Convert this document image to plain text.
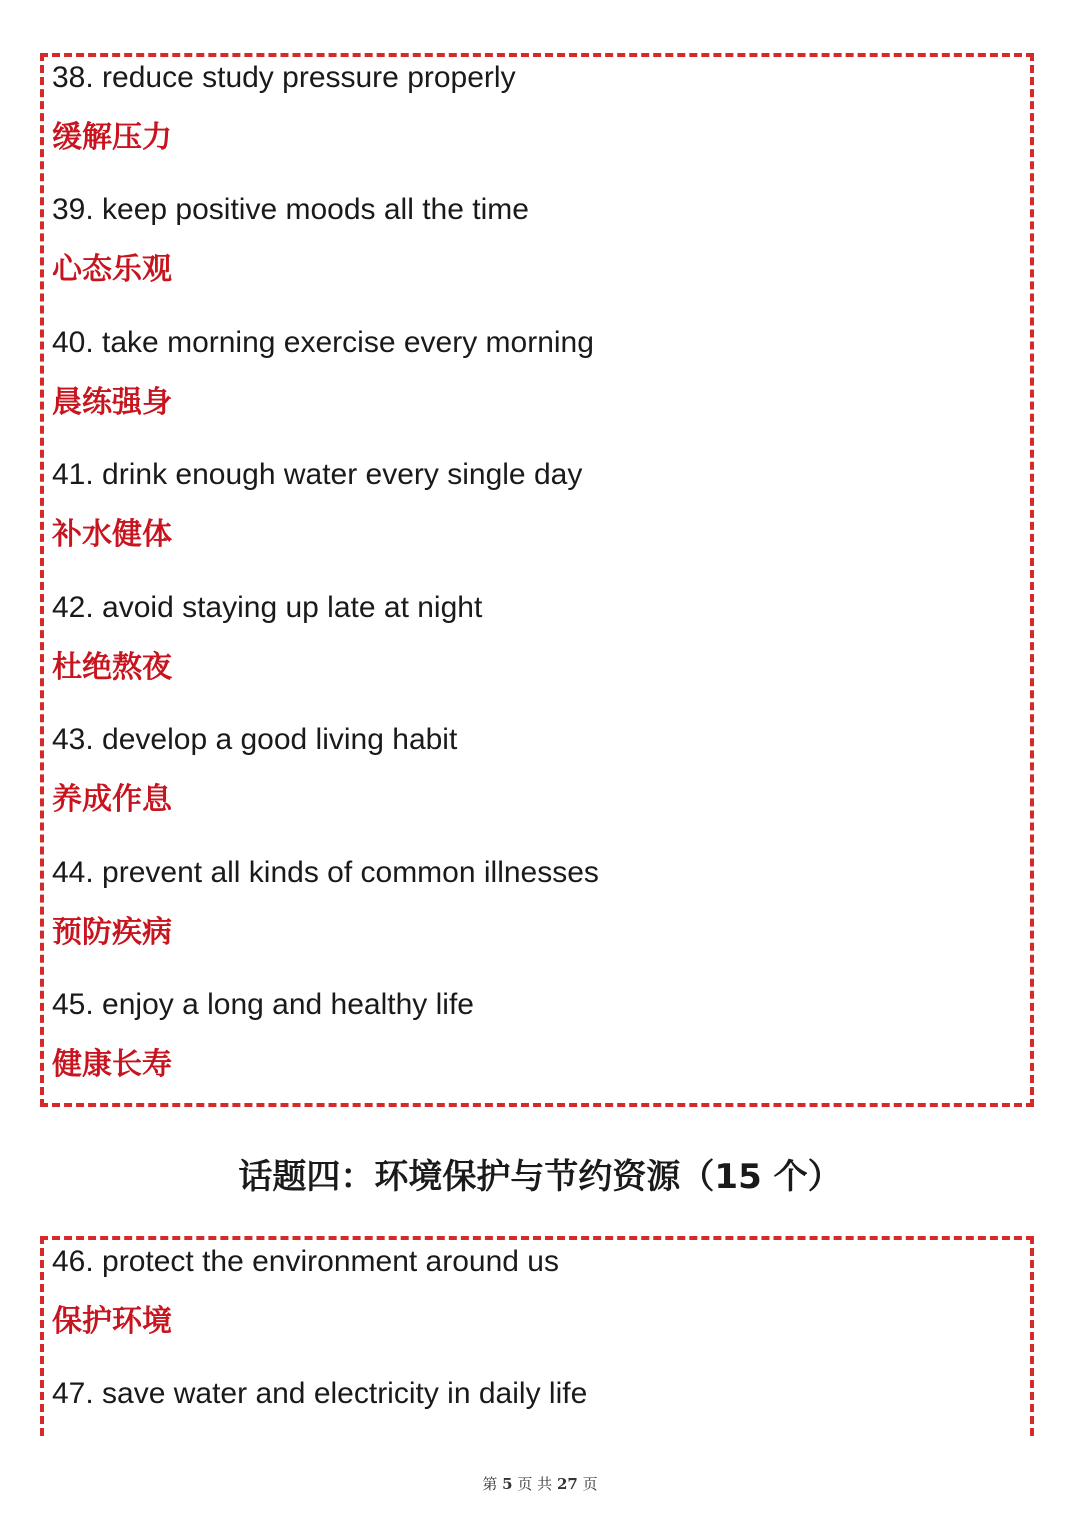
38. reduce study pressure properly

缓解压力

39. keep positive moods all the time

心态乐观

40. take morning exercise every morning

晨练强身

41. drink enough water every single day

补水健体

42. avoid staying up late at night

杜绝熬夜

43. develop a good living habit

养成作息

44. prevent all kinds of common illnesses

预防疾病

45. enjoy a long and healthy life

健康长寿

话题四：环境保护与节约资源（15 个）

46. protect the environment around us

保护环境

47. save water and electricity in daily life

第 5 页 共 27 页
